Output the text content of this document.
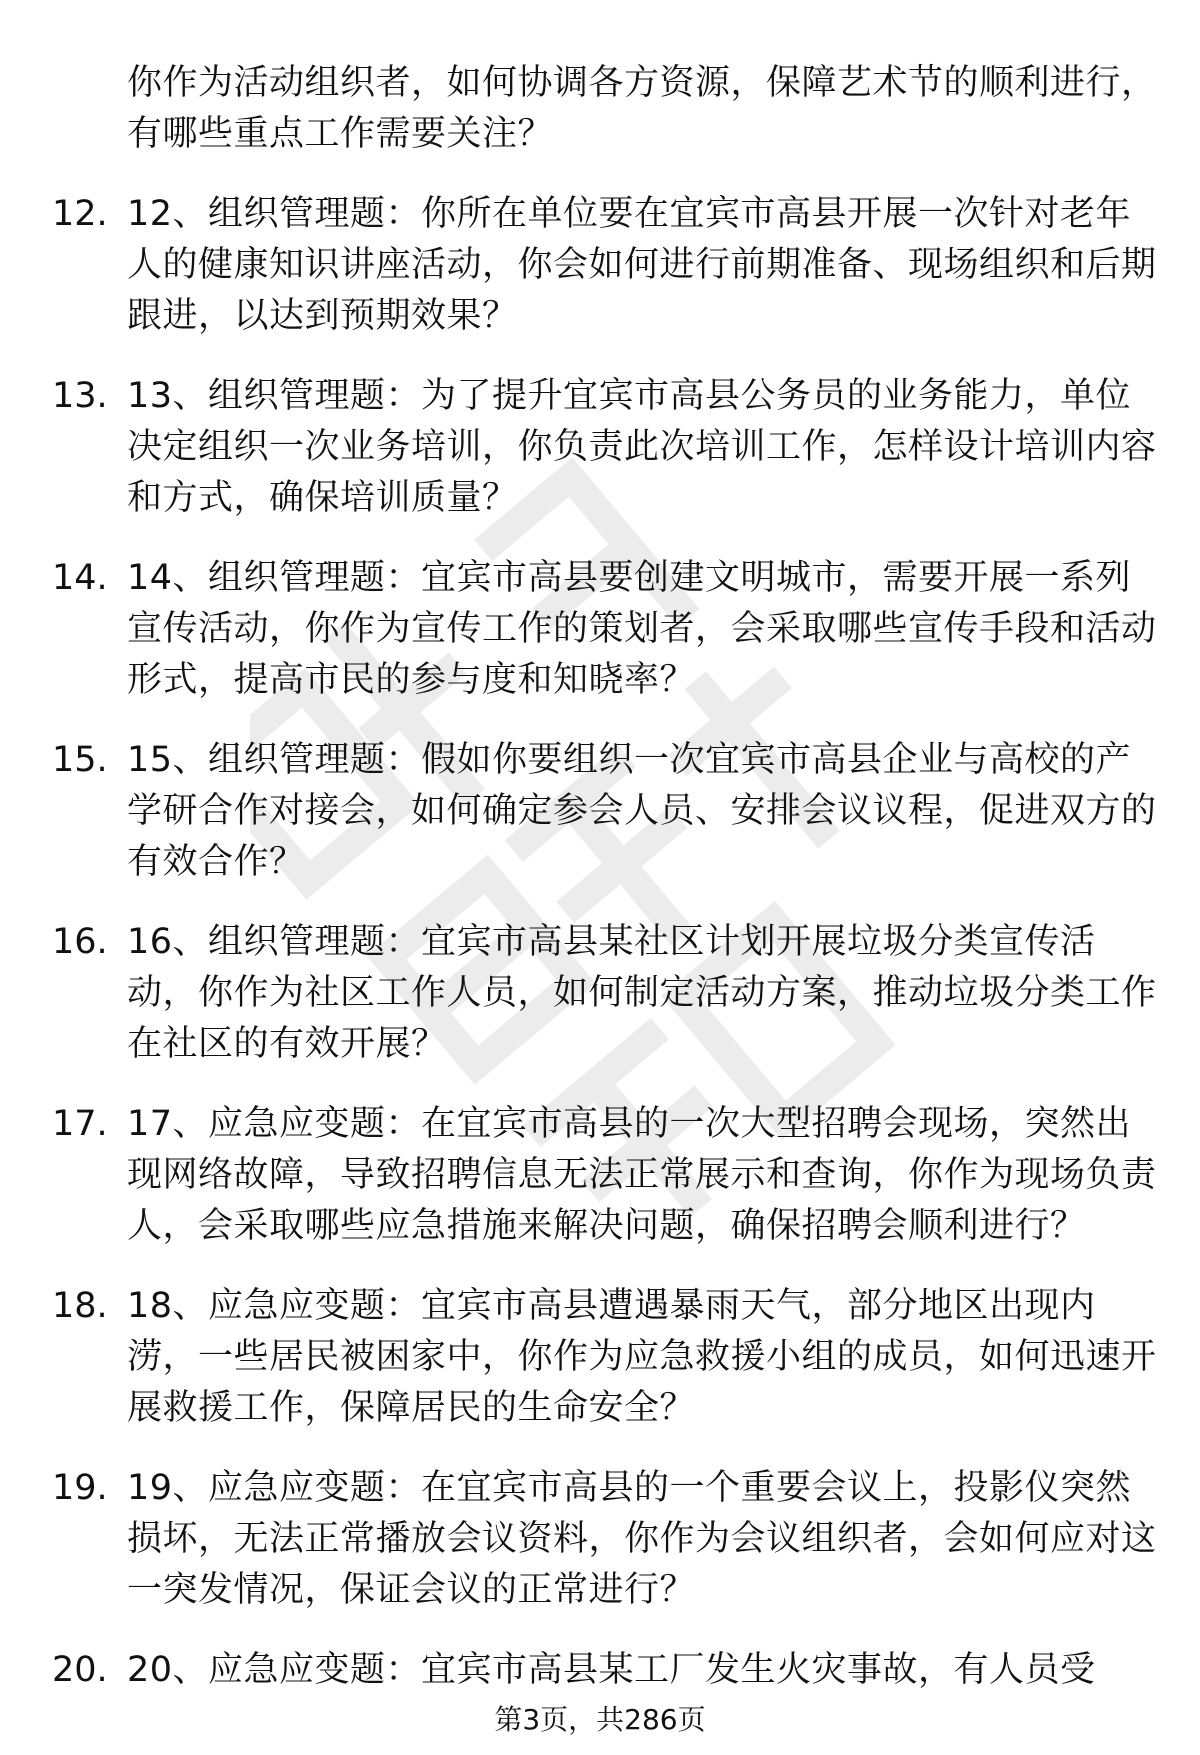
你作为活动组织者，如何协调各方资源，保障艺术节的顺利进行，有哪些重点工作需要关注？
12. 12、组织管理题：你所在单位要在宜宾市高县开展一次针对老年人的健康知识讲座活动，你会如何进行前期准备、现场组织和后期跟进，以达到预期效果？
13. 13、组织管理题：为了提升宜宾市高县公务员的业务能力，单位决定组织一次业务培训，你负责此次培训工作，怎样设计培训内容和方式，确保培训质量？
14. 14、组织管理题：宜宾市高县要创建文明城市，需要开展一系列宣传活动，你作为宣传工作的策划者，会采取哪些宣传手段和活动形式，提高市民的参与度和知晓率？
15. 15、组织管理题：假如你要组织一次宜宾市高县企业与高校的产学研合作对接会，如何确定参会人员、安排会议议程，促进双方的有效合作？
16. 16、组织管理题：宜宾市高县某社区计划开展垃圾分类宣传活动，你作为社区工作人员，如何制定活动方案，推动垃圾分类工作在社区的有效开展？
17. 17、应急应变题：在宜宾市高县的一次大型招聘会现场，突然出现网络故障，导致招聘信息无法正常展示和查询，你作为现场负责人，会采取哪些应急措施来解决问题，确保招聘会顺利进行？
18. 18、应急应变题：宜宾市高县遭遇暴雨天气，部分地区出现内涝，一些居民被困家中，你作为应急救援小组的成员，如何迅速开展救援工作，保障居民的生命安全？
19. 19、应急应变题：在宜宾市高县的一个重要会议上，投影仪突然损坏，无法正常播放会议资料，你作为会议组织者，会如何应对这一突发情况，保证会议的正常进行？
20. 20、应急应变题：宜宾市高县某工厂发生火灾事故，有人员受
第3页，共286页
